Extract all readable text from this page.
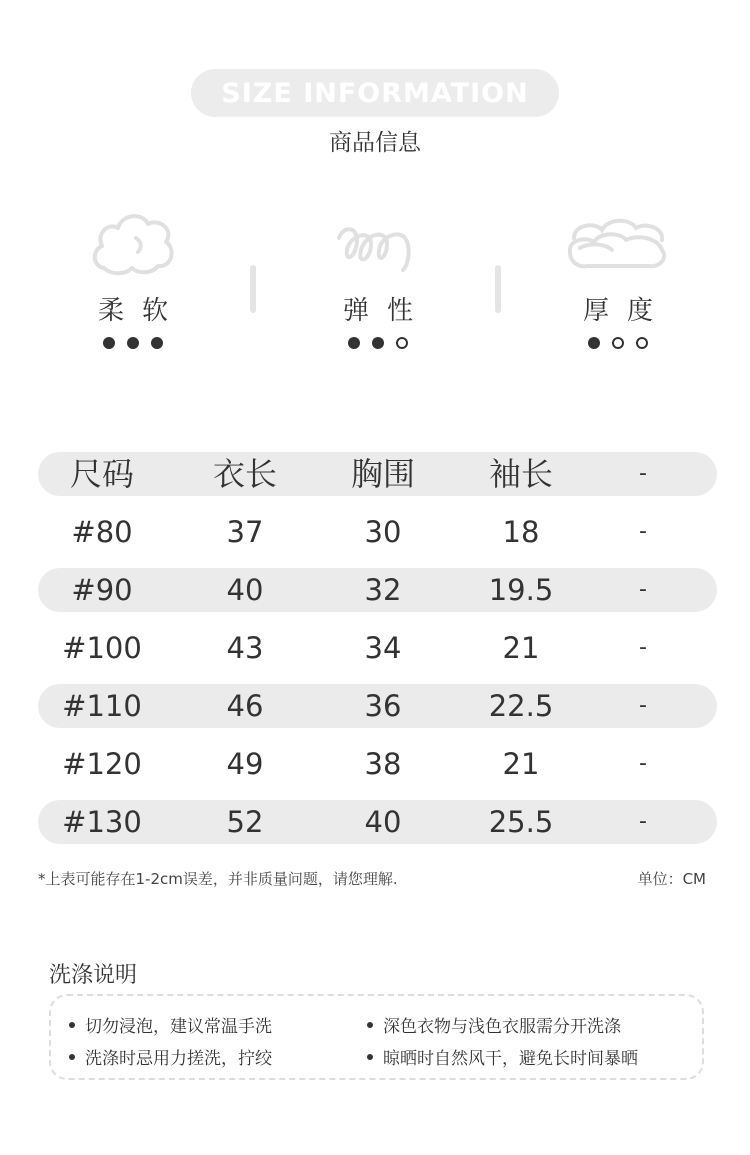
SIZE INFORMATION
商品信息
柔软	弹性	厚度
尺码	衣长	胸围	袖长	-
#80	37	30	18	-
#90	40	32	19.5	-
#100	43	34	21	-
#110	46	36	22.5	-
#120	49	38	21	-
#130	52	40	25.5	-
*上表可能存在1-2cm误差，并非质量问题，请您理解.	单位：CM
洗涤说明
切勿浸泡，建议常温手洗	深色衣物与浅色衣服需分开洗涤
洗涤时忌用力搓洗，拧绞	晾晒时自然风干，避免长时间暴晒
